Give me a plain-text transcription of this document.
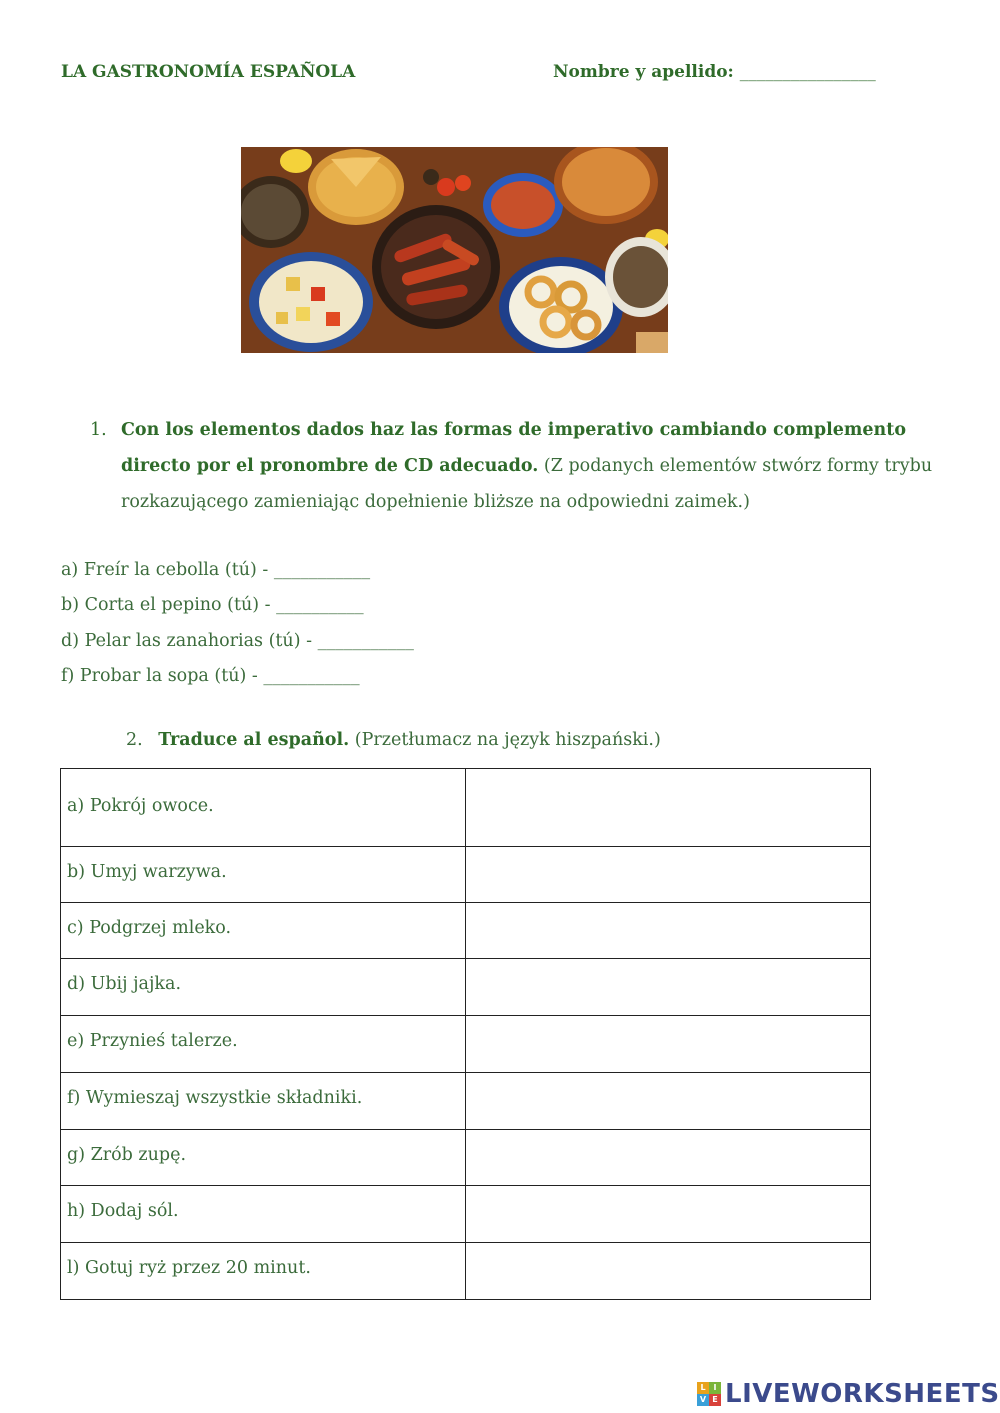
LA GASTRONOMÍA ESPAÑOLA	Nombre y apellido: ________________
1. Con los elementos dados haz las formas de imperativo cambiando complemento directo por el pronombre de CD adecuado. (Z podanych elementów stwórz formy trybu rozkazującego zamieniając dopełnienie bliższe na odpowiedni zaimek.)
a) Freír la cebolla (tú) - ___________
b) Corta el pepino (tú) - __________
d) Pelar las zanahorias (tú) - ___________
f) Probar la sopa (tú) - ___________
2. Traduce al español. (Przetłumacz na język hiszpański.)
a) Pokrój owoce.	
b) Umyj warzywa.	
c) Podgrzej mleko.	
d) Ubij jajka.	
e) Przynieś talerze.	
f) Wymieszaj wszystkie składniki.	
g) Zrób zupę.	
h) Dodaj sól.	
l) Gotuj ryż przez 20 minut.	
L I
V E LIVEWORKSHEETS
